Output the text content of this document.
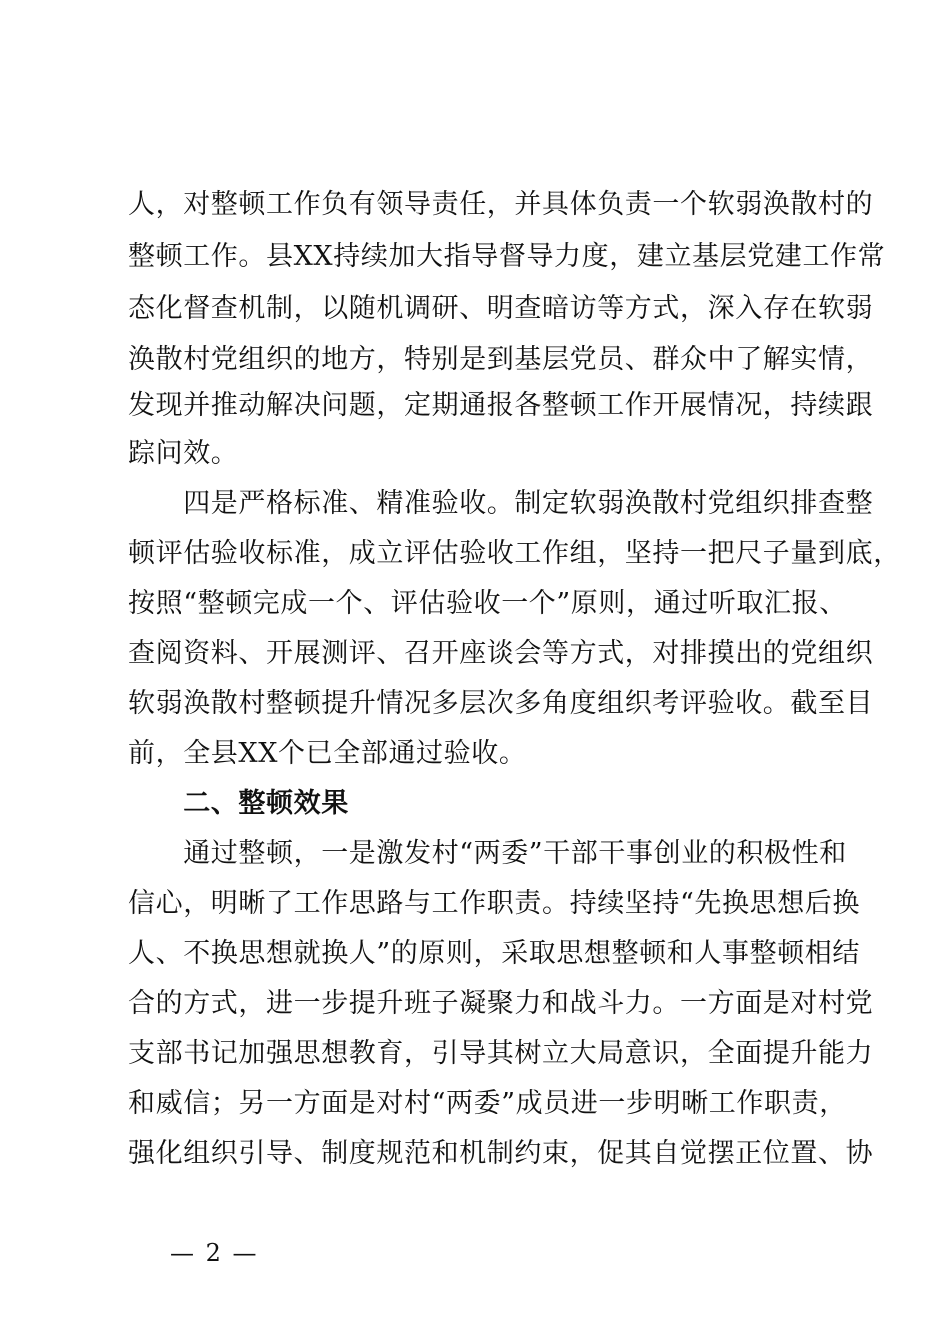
人，对整顿工作负有领导责任，并具体负责一个软弱涣散村的
整顿工作。县XX持续加大指导督导力度，建立基层党建工作常
态化督查机制，以随机调研、明查暗访等方式，深入存在软弱
涣散村党组织的地方，特别是到基层党员、群众中了解实情，
发现并推动解决问题，定期通报各整顿工作开展情况，持续跟
踪问效。
　　四是严格标准、精准验收。制定软弱涣散村党组织排查整
顿评估验收标准，成立评估验收工作组，坚持一把尺子量到底，
按照“整顿完成一个、评估验收一个”原则，通过听取汇报、
查阅资料、开展测评、召开座谈会等方式，对排摸出的党组织
软弱涣散村整顿提升情况多层次多角度组织考评验收。截至目
前，全县XX个已全部通过验收。
　　二、整顿效果
　　通过整顿，一是激发村“两委”干部干事创业的积极性和
信心，明晰了工作思路与工作职责。持续坚持“先换思想后换
人、不换思想就换人”的原则，采取思想整顿和人事整顿相结
合的方式，进一步提升班子凝聚力和战斗力。一方面是对村党
支部书记加强思想教育，引导其树立大局意识，全面提升能力
和威信；另一方面是对村“两委”成员进一步明晰工作职责，
强化组织引导、制度规范和机制约束，促其自觉摆正位置、协
— 2 —
